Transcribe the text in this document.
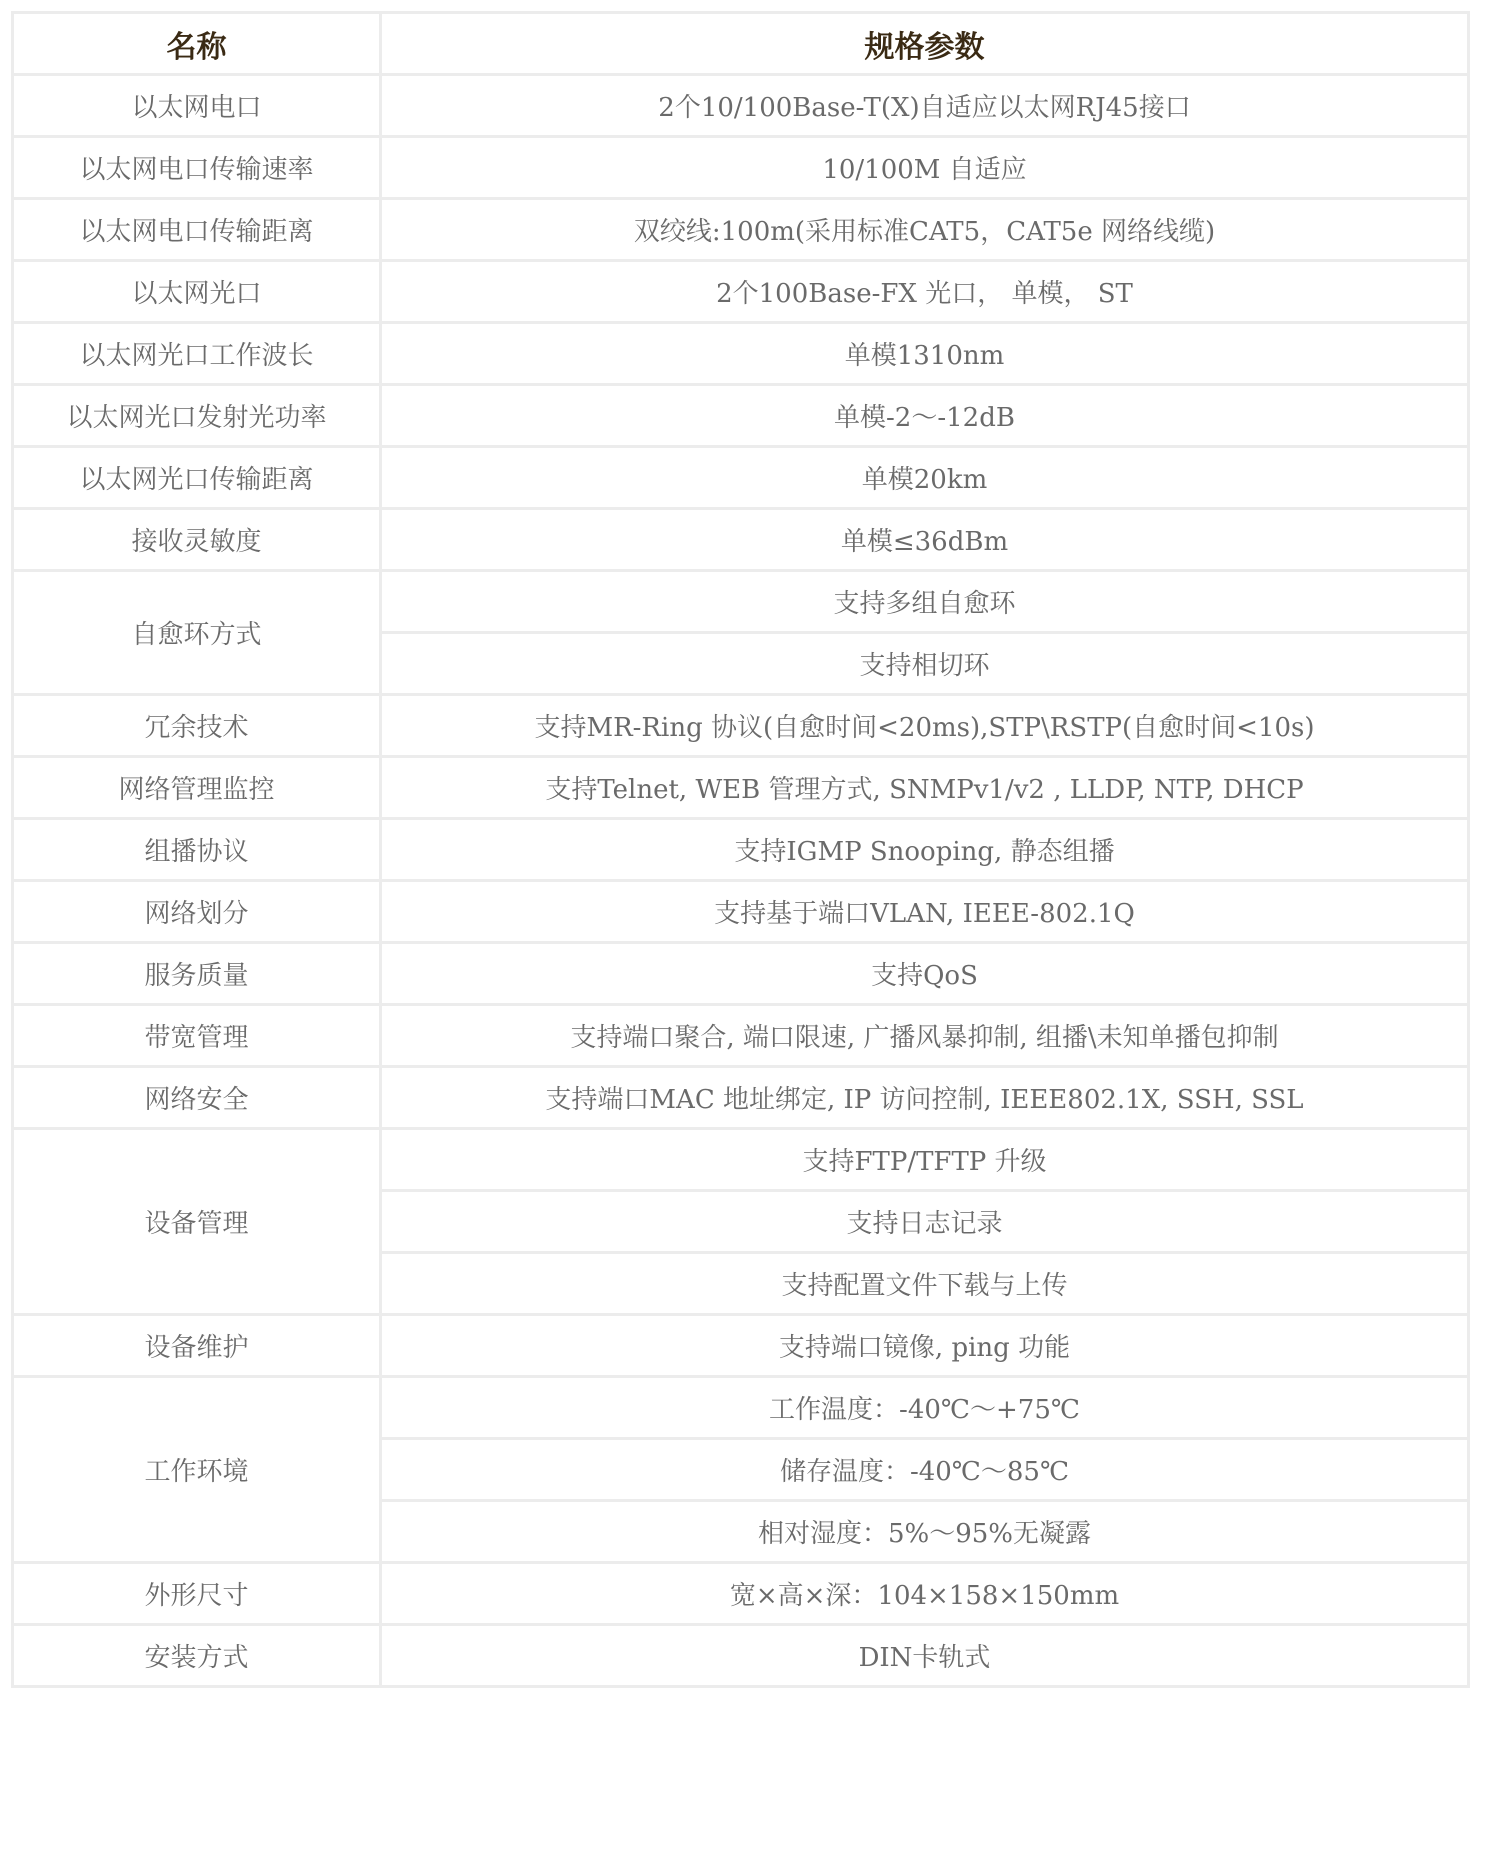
名称	规格参数
以太网电口	2个10/100Base-T(X)自适应以太网RJ45接口
以太网电口传输速率	10/100M 自适应
以太网电口传输距离	双绞线:100m(采用标准CAT5，CAT5e 网络线缆)
以太网光口	2个100Base-FX 光口， 单模， ST
以太网光口工作波长	单模1310nm
以太网光口发射光功率	单模-2～-12dB
以太网光口传输距离	单模20km
接收灵敏度	单模≤36dBm
自愈环方式	支持多组自愈环
	支持相切环
冗余技术	支持MR-Ring 协议(自愈时间<20ms),STP\RSTP(自愈时间<10s)
网络管理监控	支持Telnet, WEB 管理方式, SNMPv1/v2 , LLDP, NTP, DHCP
组播协议	支持IGMP Snooping, 静态组播
网络划分	支持基于端口VLAN, IEEE-802.1Q
服务质量	支持QoS
带宽管理	支持端口聚合, 端口限速, 广播风暴抑制, 组播\未知单播包抑制
网络安全	支持端口MAC 地址绑定, IP 访问控制, IEEE802.1X, SSH, SSL
设备管理	支持FTP/TFTP 升级
	支持日志记录
	支持配置文件下载与上传
设备维护	支持端口镜像, ping 功能
工作环境	工作温度：-40℃～+75℃
	储存温度：-40℃～85℃
	相对湿度：5%～95%无凝露
外形尺寸	宽×高×深：104×158×150mm
安装方式	DIN卡轨式
